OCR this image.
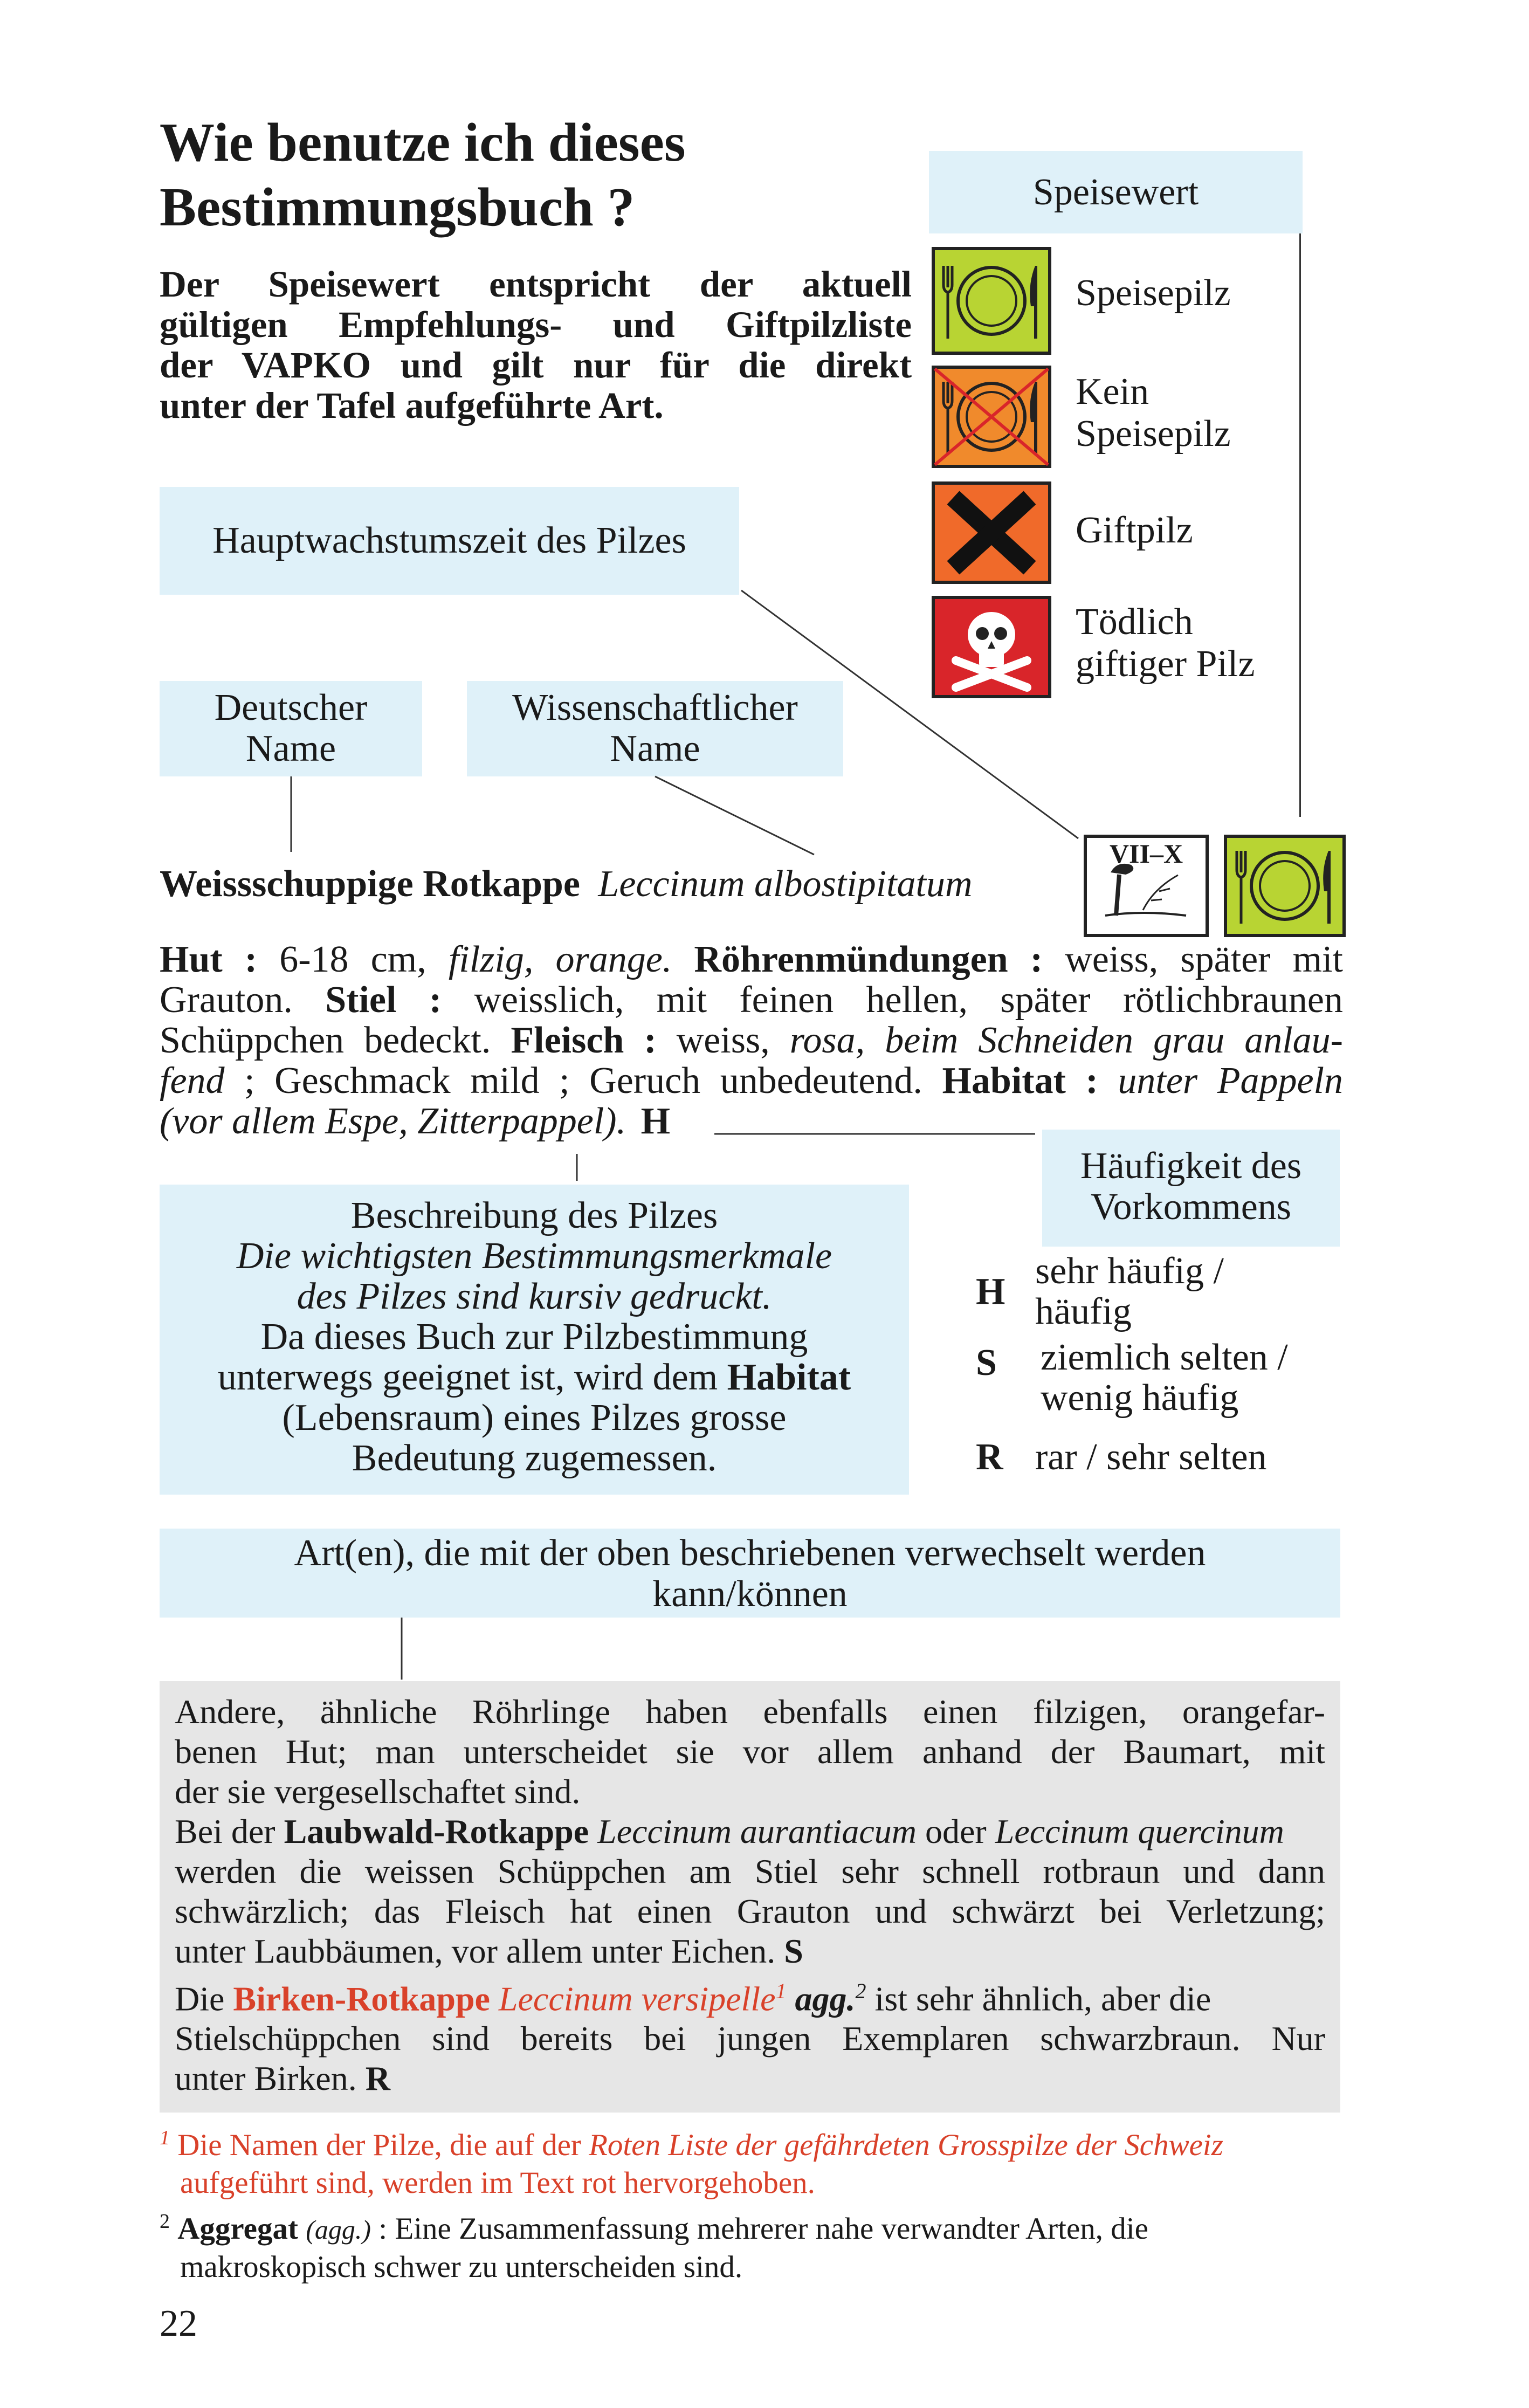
Wie benutze ich dieses
Bestimmungsbuch ?
Der Speisewert entspricht der aktuell
gültigen Empfehlungs- und Giftpilzliste
der VAPKO und gilt nur für die direkt
unter der Tafel aufgeführte Art.
Speisewert
Speisepilz
Kein
Speisepilz
Giftpilz
Tödlich
giftiger Pilz
Hauptwachstumszeit des Pilzes
Deutscher
Name
Wissenschaftlicher
Name
Weissschuppige Rotkappe Leccinum albostipitatum
VII–X
Hut : 6-18 cm, filzig, orange. Röhrenmündungen : weiss, später mit
Grauton. Stiel : weisslich, mit feinen hellen, später rötlichbraunen
Schüppchen bedeckt. Fleisch : weiss, rosa, beim Schneiden grau anlau-
fend ; Geschmack mild ; Geruch unbedeutend. Habitat : unter Pappeln
(vor allem Espe, Zitterpappel). H
Häufigkeit des
Vorkommens
Beschreibung des Pilzes
Die wichtigsten Bestimmungsmerkmale
des Pilzes sind kursiv gedruckt.
Da dieses Buch zur Pilzbestimmung
unterwegs geeignet ist, wird dem Habitat
(Lebensraum) eines Pilzes grosse
Bedeutung zugemessen.
H sehr häufig /
häufig
S ziemlich selten /
wenig häufig
R rar / sehr selten
Art(en), die mit der oben beschriebenen verwechselt werden
kann/können
Andere, ähnliche Röhrlinge haben ebenfalls einen filzigen, orangefar-
benen Hut; man unterscheidet sie vor allem anhand der Baumart, mit
der sie vergesellschaftet sind.
Bei der Laubwald-Rotkappe Leccinum aurantiacum oder Leccinum quercinum
werden die weissen Schüppchen am Stiel sehr schnell rotbraun und dann
schwärzlich; das Fleisch hat einen Grauton und schwärzt bei Verletzung;
unter Laubbäumen, vor allem unter Eichen. S
Die Birken-Rotkappe Leccinum versipelle$^1$ agg.$^2$ ist sehr ähnlich, aber die
Stielschüppchen sind bereits bei jungen Exemplaren schwarzbraun. Nur
unter Birken. R
$^1$ Die Namen der Pilze, die auf der Roten Liste der gefährdeten Grosspilze der Schweiz
aufgeführt sind, werden im Text rot hervorgehoben.
$^2$ Aggregat (agg.) : Eine Zusammenfassung mehrerer nahe verwandter Arten, die
makroskopisch schwer zu unterscheiden sind.
22
